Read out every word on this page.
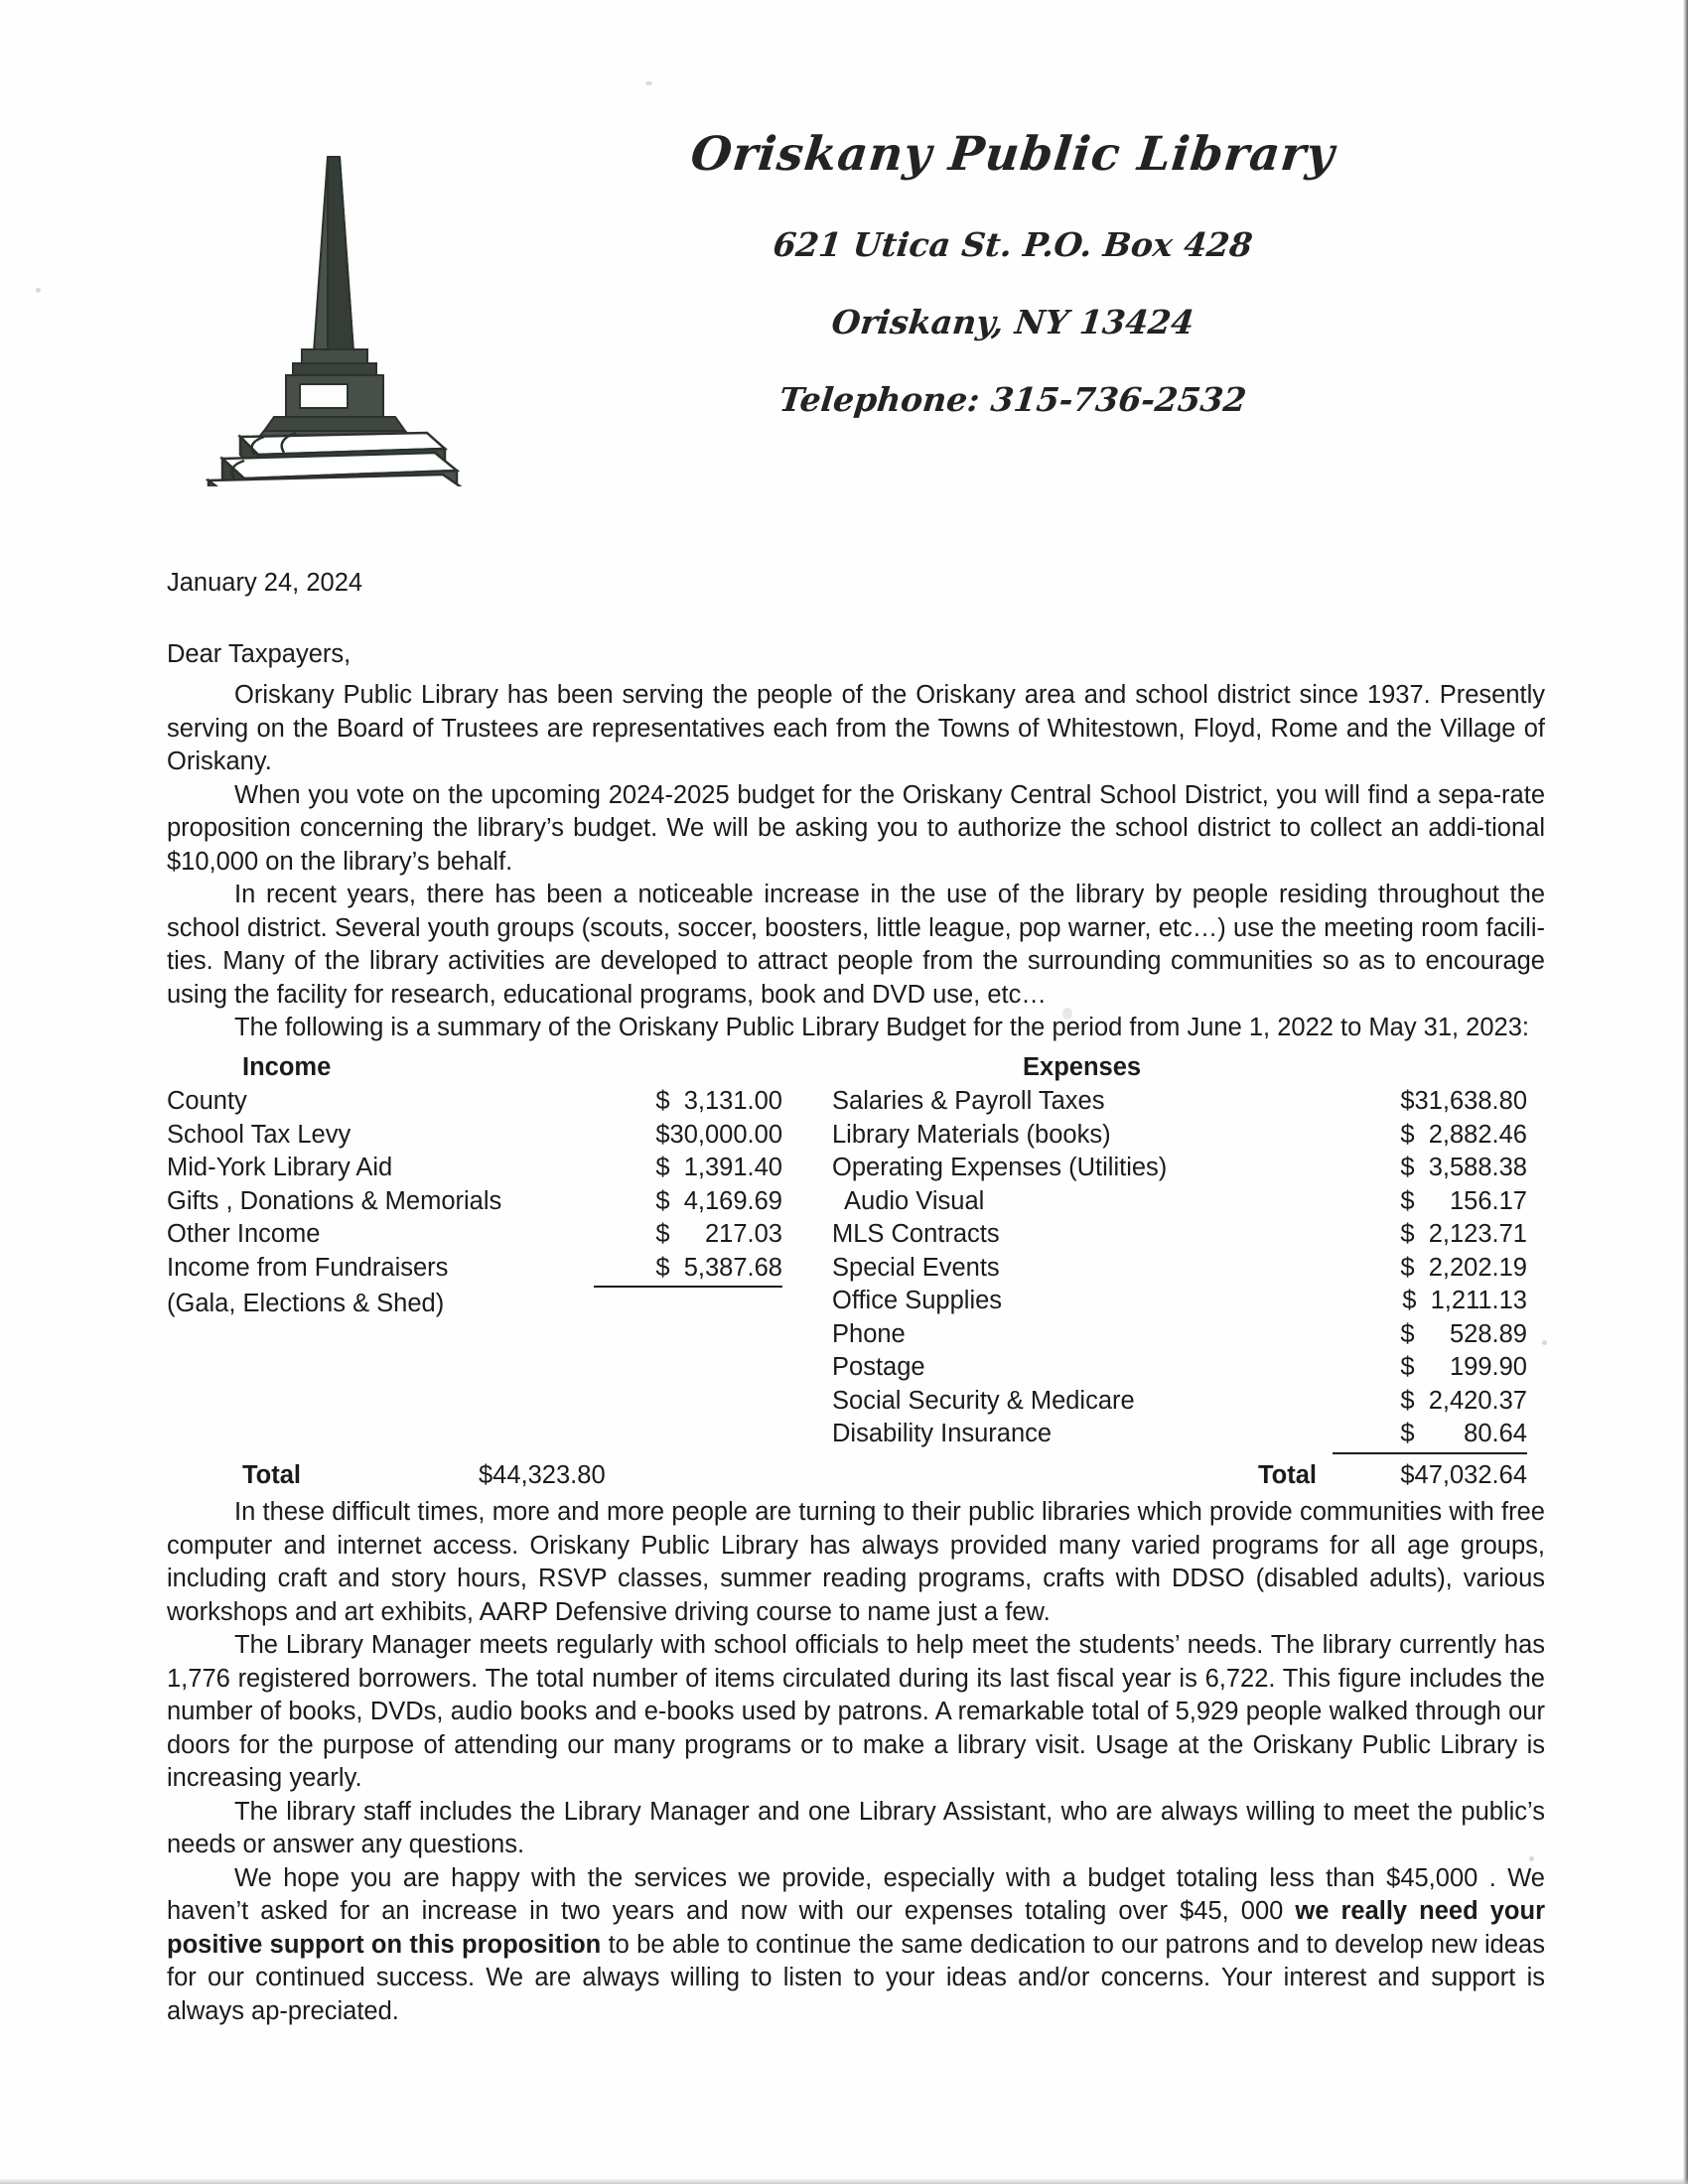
Oriskany Public Library
621 Utica St. P.O. Box 428
Oriskany, NY 13424
Telephone: 315-736-2532
January 24, 2024
Dear Taxpayers,

Oriskany Public Library has been serving the people of the Oriskany area and school district since 1937. Presently serving on the Board of Trustees are representatives each from the Towns of Whitestown, Floyd, Rome and the Village of Oriskany.

When you vote on the upcoming 2024-2025 budget for the Oriskany Central School District, you will find a sepa-rate proposition concerning the library’s budget. We will be asking you to authorize the school district to collect an addi-tional $10,000 on the library’s behalf.

In recent years, there has been a noticeable increase in the use of the library by people residing throughout the school district. Several youth groups (scouts, soccer, boosters, little league, pop warner, etc…) use the meeting room facili-ties. Many of the library activities are developed to attract people from the surrounding communities so as to encourage using the facility for research, educational programs, book and DVD use, etc…

The following is a summary of the Oriskany Public Library Budget for the period from June 1, 2022 to May 31, 2023:

Income
County	$  3,131.00
School Tax Levy	$30,000.00
Mid-York Library Aid	$  1,391.40
Gifts , Donations & Memorials	$  4,169.69
Other Income	$     217.03
Income from Fundraisers	$  5,387.68
(Gala, Elections & Shed)
Expenses
Salaries & Payroll Taxes	$31,638.80
Library Materials (books)	$  2,882.46
Operating Expenses (Utilities)	$  3,588.38
Audio Visual	$     156.17
MLS Contracts	$  2,123.71
Special Events	$  2,202.19
Office Supplies	$  1,211.13
Phone	$     528.89
Postage	$     199.90
Social Security & Medicare	$  2,420.37
Disability Insurance	$       80.64
Total	$44,323.80	Total	$47,032.64

In these difficult times, more and more people are turning to their public libraries which provide communities with free computer and internet access. Oriskany Public Library has always provided many varied programs for all age groups, including craft and story hours, RSVP classes, summer reading programs, crafts with DDSO (disabled adults), various workshops and art exhibits, AARP Defensive driving course to name just a few.

The Library Manager meets regularly with school officials to help meet the students’ needs. The library currently has 1,776 registered borrowers. The total number of items circulated during its last fiscal year is 6,722. This figure includes the number of books, DVDs, audio books and e-books used by patrons. A remarkable total of 5,929 people walked through our doors for the purpose of attending our many programs or to make a library visit. Usage at the Oriskany Public Library is increasing yearly.

The library staff includes the Library Manager and one Library Assistant, who are always willing to meet the public’s needs or answer any questions.

We hope you are happy with the services we provide, especially with a budget totaling less than $45,000 . We haven’t asked for an increase in two years and now with our expenses totaling over $45, 000 we really need your positive support on this proposition to be able to continue the same dedication to our patrons and to develop new ideas for our continued success. We are always willing to listen to your ideas and/or concerns. Your interest and support is always ap-preciated.
